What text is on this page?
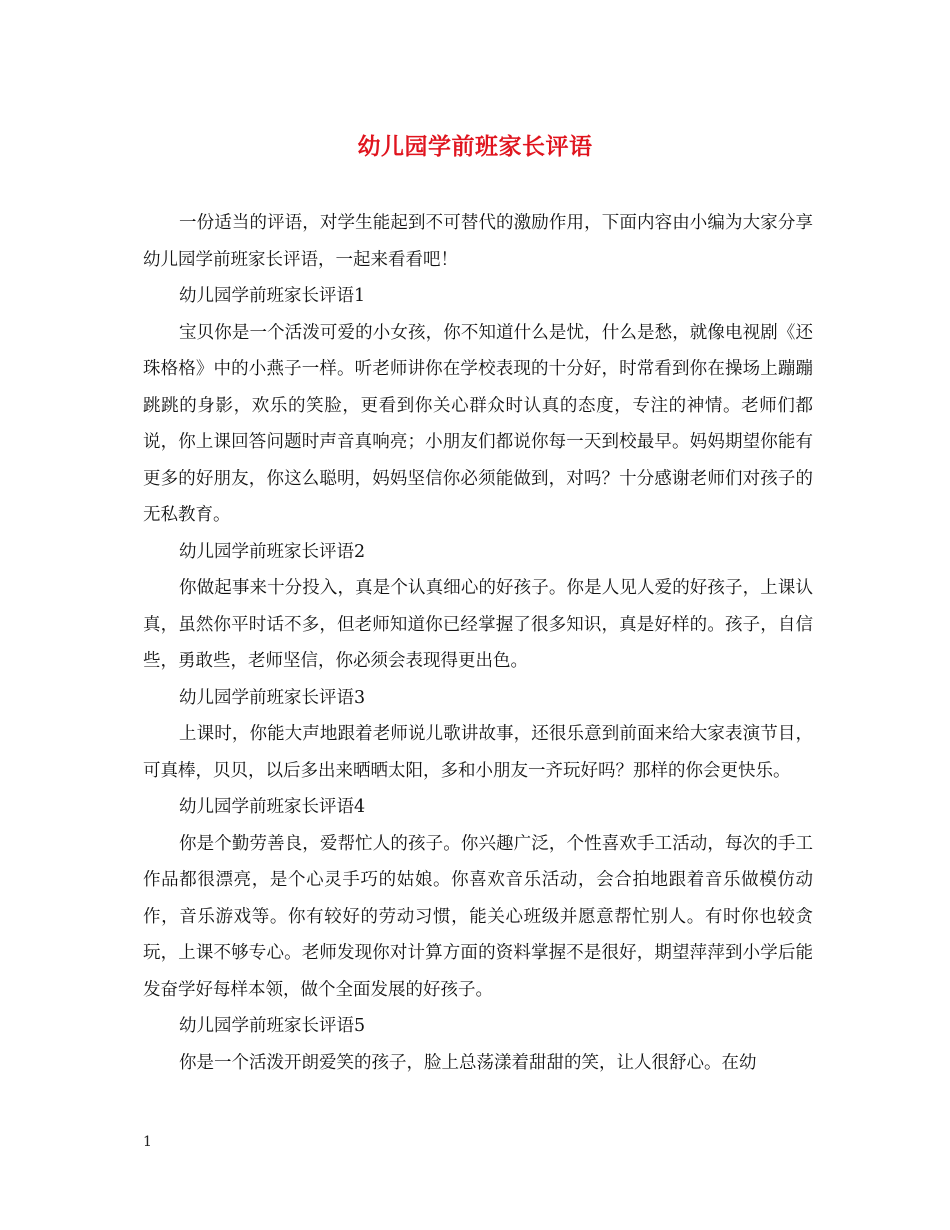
幼儿园学前班家长评语

一份适当的评语，对学生能起到不可替代的激励作用，下面内容由小编为大家分享幼儿园学前班家长评语，一起来看看吧！

幼儿园学前班家长评语1

宝贝你是一个活泼可爱的小女孩，你不知道什么是忧，什么是愁，就像电视剧《还珠格格》中的小燕子一样。听老师讲你在学校表现的十分好，时常看到你在操场上蹦蹦跳跳的身影，欢乐的笑脸，更看到你关心群众时认真的态度，专注的神情。老师们都说，你上课回答问题时声音真响亮；小朋友们都说你每一天到校最早。妈妈期望你能有更多的好朋友，你这么聪明，妈妈坚信你必须能做到，对吗？十分感谢老师们对孩子的无私教育。

幼儿园学前班家长评语2

你做起事来十分投入，真是个认真细心的好孩子。你是人见人爱的好孩子，上课认真，虽然你平时话不多，但老师知道你已经掌握了很多知识，真是好样的。孩子，自信些，勇敢些，老师坚信，你必须会表现得更出色。

幼儿园学前班家长评语3

上课时，你能大声地跟着老师说儿歌讲故事，还很乐意到前面来给大家表演节目，可真棒，贝贝，以后多出来晒晒太阳，多和小朋友一齐玩好吗？那样的你会更快乐。

幼儿园学前班家长评语4

你是个勤劳善良，爱帮忙人的孩子。你兴趣广泛，个性喜欢手工活动，每次的手工作品都很漂亮，是个心灵手巧的姑娘。你喜欢音乐活动，会合拍地跟着音乐做模仿动作，音乐游戏等。你有较好的劳动习惯，能关心班级并愿意帮忙别人。有时你也较贪玩，上课不够专心。老师发现你对计算方面的资料掌握不是很好，期望萍萍到小学后能发奋学好每样本领，做个全面发展的好孩子。

幼儿园学前班家长评语5

你是一个活泼开朗爱笑的孩子，脸上总荡漾着甜甜的笑，让人很舒心。在幼

1
